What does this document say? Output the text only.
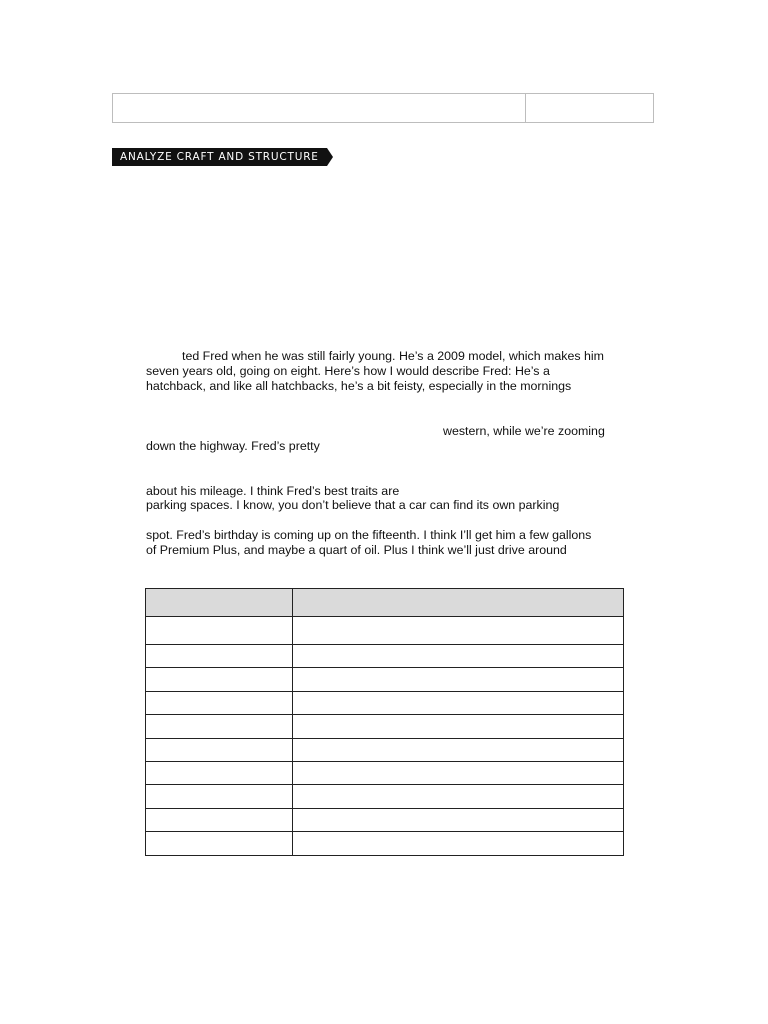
ANALYZE CRAFT AND STRUCTURE
ted Fred when he was still fairly young. He’s a 2009 model, which makes him
seven years old, going on eight. Here’s how I would describe Fred: He’s a
hatchback, and like all hatchbacks, he’s a bit feisty, especially in the mornings
western, while we’re zooming
down the highway. Fred’s pretty
about his mileage. I think Fred’s best traits are
parking spaces. I know, you don’t believe that a car can find its own parking
spot. Fred’s birthday is coming up on the fifteenth. I think I’ll get him a few gallons
of Premium Plus, and maybe a quart of oil. Plus I think we’ll just drive around
